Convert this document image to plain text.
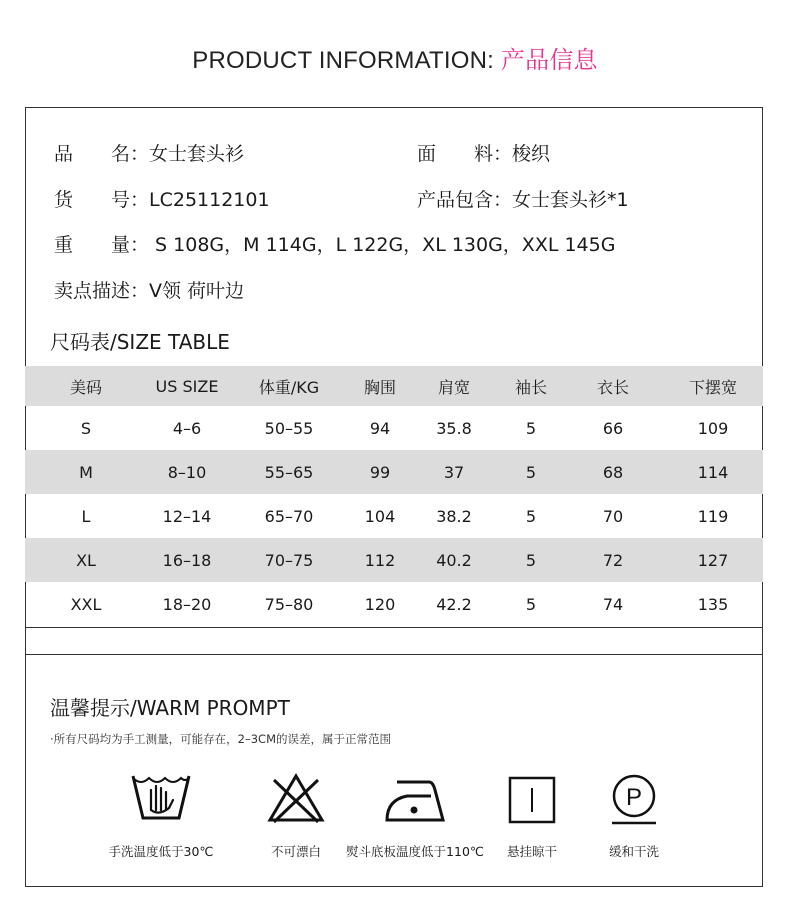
PRODUCT INFORMATION: 产品信息
品　　名：女士套头衫	面　　料：梭织
货　　号：LC25112101	产品包含：女士套头衫*1
重　　量： S 108G，M 114G，L 122G，XL 130G，XXL 145G
卖点描述：V领 荷叶边
尺码表/SIZE TABLE
美码	US SIZE	体重/KG	胸围	肩宽	袖长	衣长	下摆宽
S	4–6	50–55	94	35.8	5	66	109
M	8–10	55–65	99	37	5	68	114
L	12–14	65–70	104	38.2	5	70	119
XL	16–18	70–75	112	40.2	5	72	127
XXL	18–20	75–80	120	42.2	5	74	135
温馨提示/WARM PROMPT
·所有尺码均为手工测量，可能存在，2–3CM的误差，属于正常范围
手洗温度低于30℃	不可漂白	熨斗底板温度低于110℃	悬挂晾干
P
缓和干洗
